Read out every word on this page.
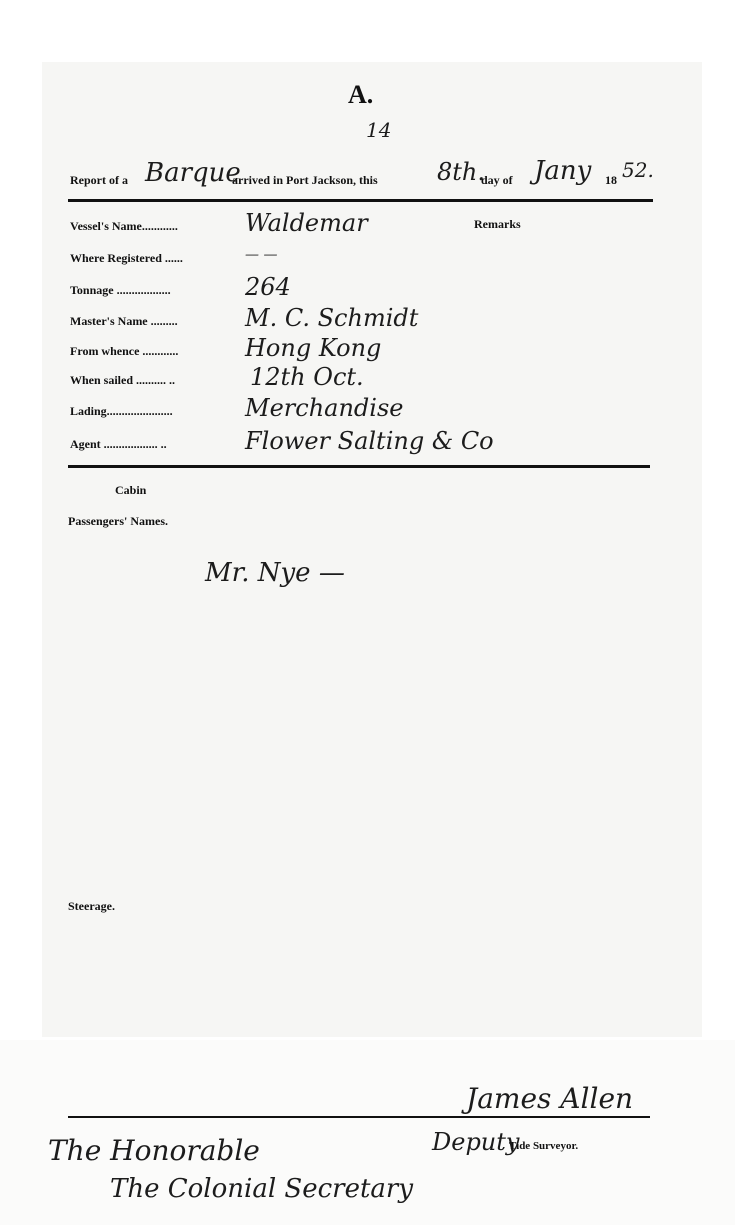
A.
14
Report of a Barque
arrived in Port Jackson, this 8th.
day of Jany 18 52.
Remarks
Vessel's Name............	Waldemar
Where Registered ......	— —
Tonnage ..................	264
Master's Name .........	M. C. Schmidt
From whence ............	Hong Kong
When sailed .......... ..	12th Oct.
Lading......................	Merchandise
Agent .................. ..	Flower Salting & Co
Cabin
Passengers' Names.
Mr. Nye —
Steerage.
James Allen
Deputy
Tide Surveyor.
The Honorable
The Colonial Secretary
